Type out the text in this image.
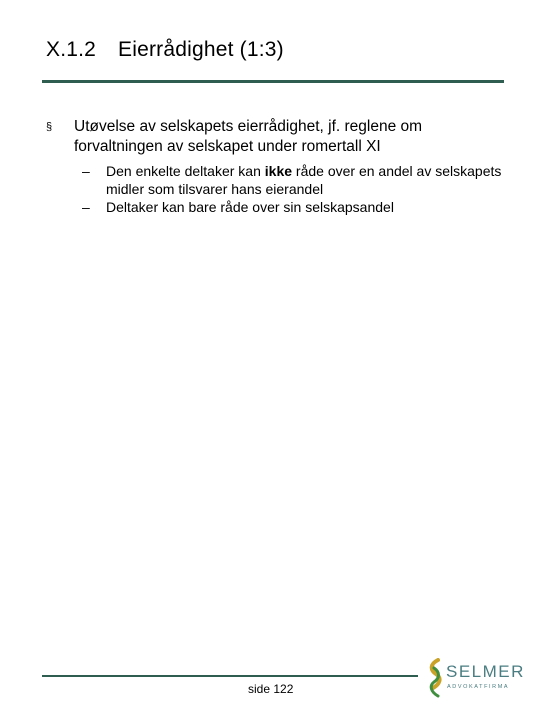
X.1.2 Eierrådighet (1:3)
§ Utøvelse av selskapets eierrådighet, jf. reglene om forvaltningen av selskapet under romertall XI
– Den enkelte deltaker kan ikke råde over en andel av selskapets midler som tilsvarer hans eierandel
– Deltaker kan bare råde over sin selskapsandel
side 122
SELMER
ADVOKATFIRMA
